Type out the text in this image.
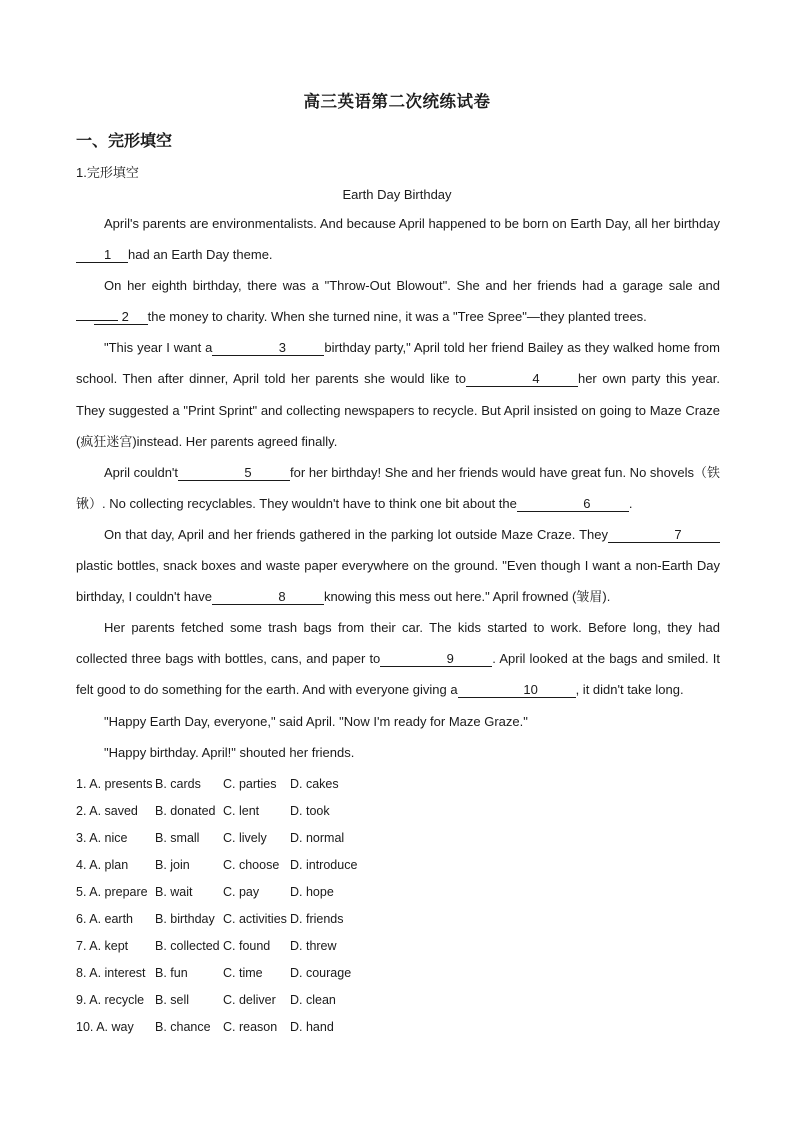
高三英语第二次统练试卷
一、完形填空
1.完形填空
Earth Day Birthday

April's parents are environmentalists. And because April happened to be born on Earth Day, all her birthday 1 had an Earth Day theme.

On her eighth birthday, there was a "Throw-Out Blowout". She and her friends had a garage sale and 2 the money to charity. When she turned nine, it was a "Tree Spree"—they planted trees.

"This year I want a	3	birthday party," April told her friend Bailey as they walked home from school. Then after dinner, April told her parents she would like to	4	her own party this year. They suggested a "Print Sprint" and collecting newspapers to recycle. But April insisted on going to Maze Craze (疯狂迷宫)instead. Her parents agreed finally.

April couldn't	5	for her birthday! She and her friends would have great fun. No shovels（铁锹）. No collecting recyclables. They wouldn't have to think one bit about the	6	.

On that day, April and her friends gathered in the parking lot outside Maze Craze. They	7plastic bottles, snack boxes and waste paper everywhere on the ground. "Even though I want a non-Earth Day birthday, I couldn't have	8	knowing this mess out here." April frowned (皱眉).

Her parents fetched some trash bags from their car. The kids started to work. Before long, they had collected three bags with bottles, cans, and paper to	9	. April looked at the bags and smiled. It felt good to do something for the earth. And with everyone giving a	10	, it didn't take long.

"Happy Earth Day, everyone," said April. "Now I'm ready for Maze Graze."

"Happy birthday. April!" shouted her friends.

1. A. presents B. cards	C. parties	D. cakes
2. A. saved	B. donated C. lent	D. took
3. A. nice	B. small	C. lively	D. normal
4. A. plan	B. join	C. choose D. introduce
5. A. prepare B. wait	C. pay	D. hope
6. A. earth	B. birthday C. activities D. friends
7. A. kept	B. collected C. found	D. threw
8. A. interest B. fun	C. time	D. courage
9. A. recycle B. sell	C. deliver	D. clean
10. A. way	B. chance C. reason	D. hand
